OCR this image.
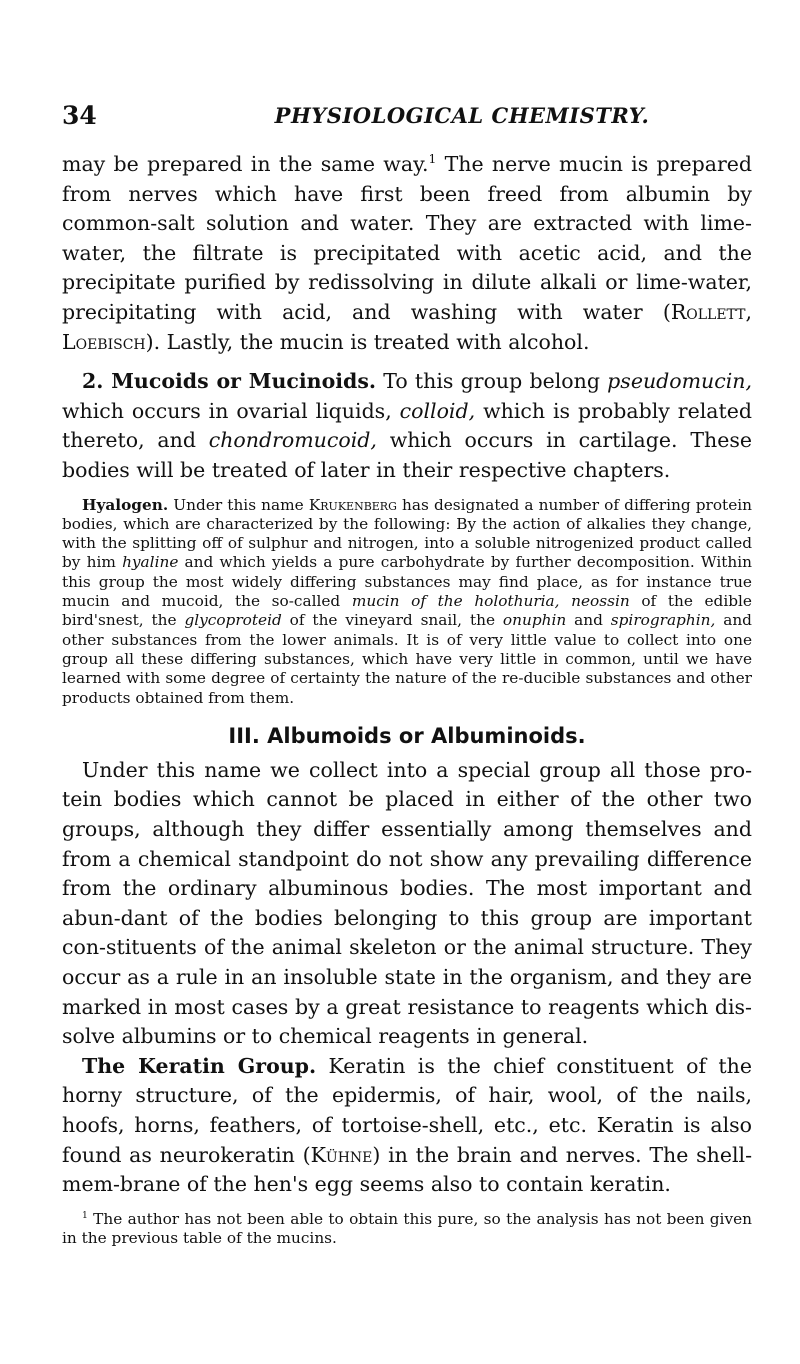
34	PHYSIOLOGICAL CHEMISTRY.

may be prepared in the same way.$^1$ The nerve mucin is prepared from nerves which have first been freed from albumin by common-salt solution and water. They are extracted with lime-water, the filtrate is precipitated with acetic acid, and the precipitate purified by redissolving in dilute alkali or lime-water, precipitating with acid, and washing with water (Rollett, Loebisch). Lastly, the mucin is treated with alcohol.

2. Mucoids or Mucinoids. To this group belong pseudomucin, which occurs in ovarial liquids, colloid, which is probably related thereto, and chondromucoid, which occurs in cartilage. These bodies will be treated of later in their respective chapters.

Hyalogen. Under this name Krukenberg has designated a number of differing protein bodies, which are characterized by the following: By the action of alkalies they change, with the splitting off of sulphur and nitrogen, into a soluble nitrogenized product called by him hyaline and which yields a pure carbohydrate by further decomposition. Within this group the most widely differing substances may find place, as for instance true mucin and mucoid, the so-called mucin of the holothuria, neossin of the edible bird'snest, the glycoproteid of the vineyard snail, the onuphin and spirographin, and other substances from the lower animals. It is of very little value to collect into one group all these differing substances, which have very little in common, until we have learned with some degree of certainty the nature of the re-ducible substances and other products obtained from them.

III. Albumoids or Albuminoids.

Under this name we collect into a special group all those pro-tein bodies which cannot be placed in either of the other two groups, although they differ essentially among themselves and from a chemical standpoint do not show any prevailing difference from the ordinary albuminous bodies. The most important and abun-dant of the bodies belonging to this group are important con-stituents of the animal skeleton or the animal structure. They occur as a rule in an insoluble state in the organism, and they are marked in most cases by a great resistance to reagents which dis-solve albumins or to chemical reagents in general.

The Keratin Group. Keratin is the chief constituent of the horny structure, of the epidermis, of hair, wool, of the nails, hoofs, horns, feathers, of tortoise-shell, etc., etc. Keratin is also found as neurokeratin (Kühne) in the brain and nerves. The shell-mem-brane of the hen's egg seems also to contain keratin.

$^1$ The author has not been able to obtain this pure, so the analysis has not been given in the previous table of the mucins.
